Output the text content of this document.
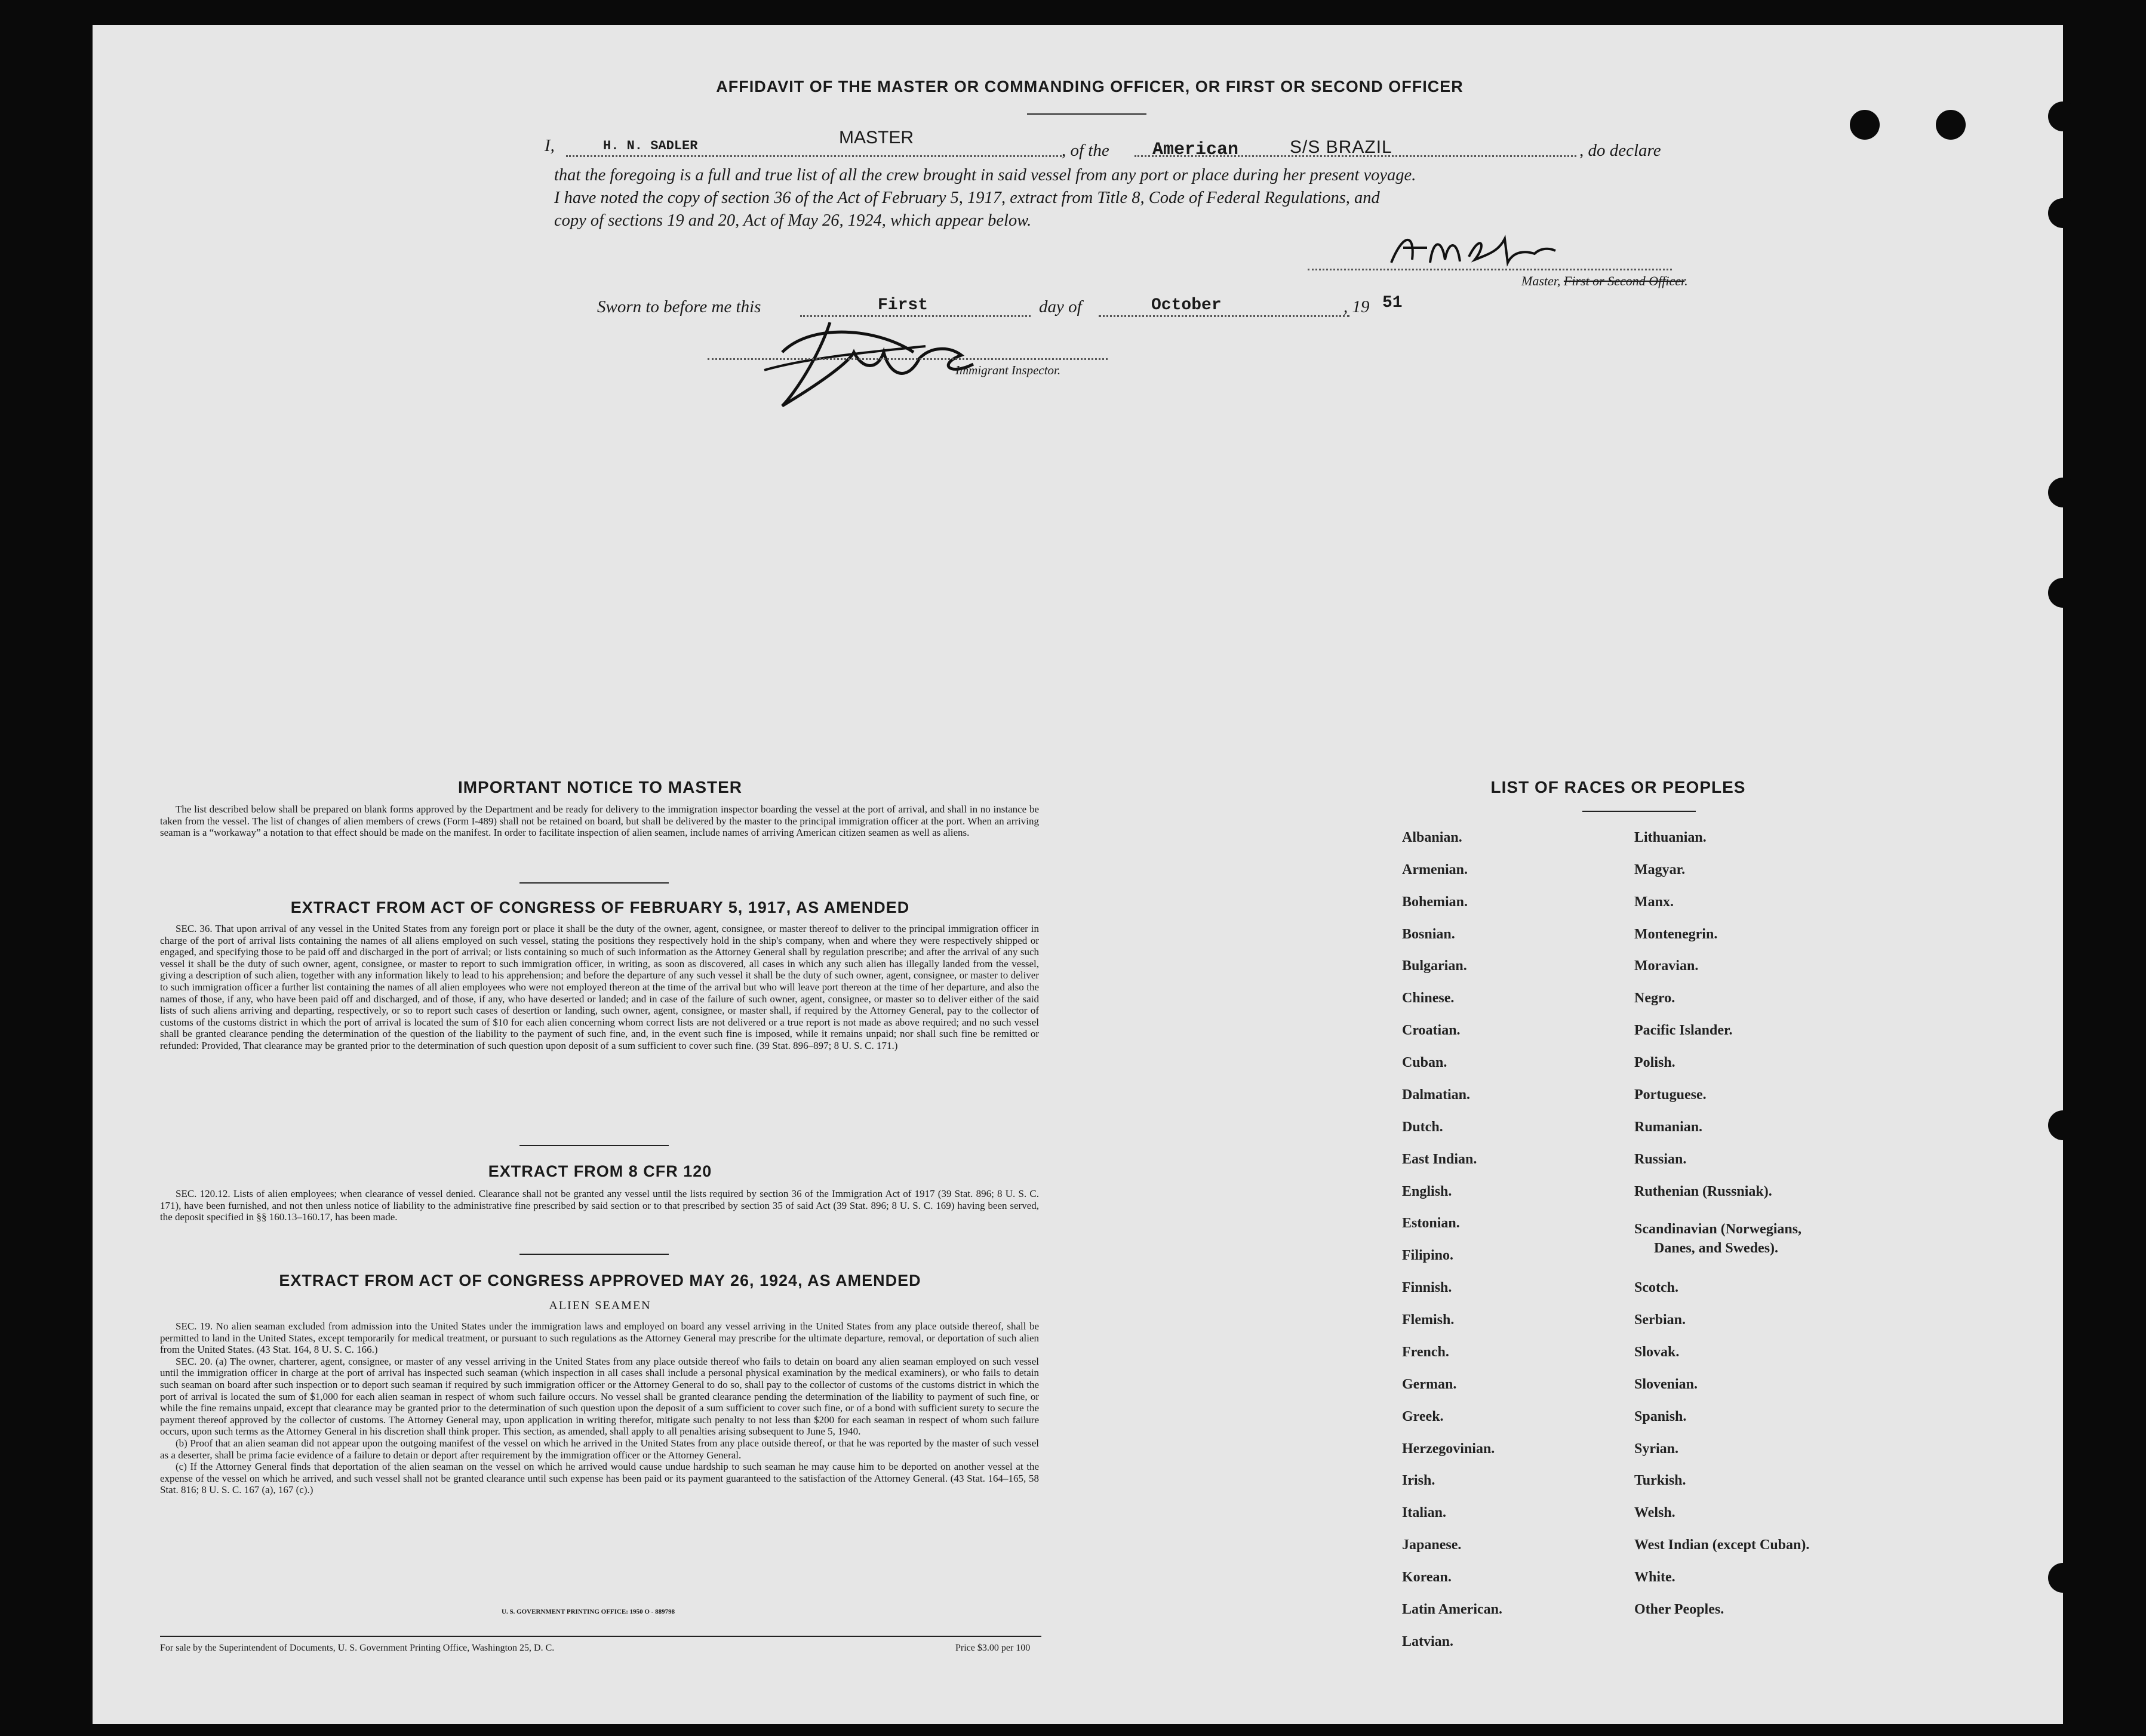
AFFIDAVIT OF THE MASTER OR COMMANDING OFFICER, OR FIRST OR SECOND OFFICER
I,	H. N. SADLER	MASTER
, of the American	S/S BRAZIL	, do declare
that the foregoing is a full and true list of all the crew brought in said vessel from any port or place during her present voyage.
I have noted the copy of section 36 of the Act of February 5, 1917, extract from Title 8, Code of Federal Regulations, and
copy of sections 19 and 20, Act of May 26, 1924, which appear below.
Master, First or Second Officer.
Sworn to before me this	First	day of	October	, 19 51
Immigrant Inspector.
IMPORTANT NOTICE TO MASTER

The list described below shall be prepared on blank forms approved by the Department and be ready for delivery to the immigration inspector boarding the vessel at the port of arrival, and shall in no instance be taken from the vessel. The list of changes of alien members of crews (Form I-489) shall not be retained on board, but shall be delivered by the master to the principal immigration officer at the port. When an arriving seaman is a “workaway” a notation to that effect should be made on the manifest. In order to facilitate inspection of alien seamen, include names of arriving American citizen seamen as well as aliens.

EXTRACT FROM ACT OF CONGRESS OF FEBRUARY 5, 1917, AS AMENDED

SEC. 36. That upon arrival of any vessel in the United States from any foreign port or place it shall be the duty of the owner, agent, consignee, or master thereof to deliver to the principal immigration officer in charge of the port of arrival lists containing the names of all aliens employed on such vessel, stating the positions they respectively hold in the ship's company, when and where they were respectively shipped or engaged, and specifying those to be paid off and discharged in the port of arrival; or lists containing so much of such information as the Attorney General shall by regulation prescribe; and after the arrival of any such vessel it shall be the duty of such owner, agent, consignee, or master to report to such immigration officer, in writing, as soon as discovered, all cases in which any such alien has illegally landed from the vessel, giving a description of such alien, together with any information likely to lead to his apprehension; and before the departure of any such vessel it shall be the duty of such owner, agent, consignee, or master to deliver to such immigration officer a further list containing the names of all alien employees who were not employed thereon at the time of the arrival but who will leave port thereon at the time of her departure, and also the names of those, if any, who have been paid off and discharged, and of those, if any, who have deserted or landed; and in case of the failure of such owner, agent, consignee, or master so to deliver either of the said lists of such aliens arriving and departing, respectively, or so to report such cases of desertion or landing, such owner, agent, consignee, or master shall, if required by the Attorney General, pay to the collector of customs of the customs district in which the port of arrival is located the sum of $10 for each alien concerning whom correct lists are not delivered or a true report is not made as above required; and no such vessel shall be granted clearance pending the determination of the question of the liability to the payment of such fine, and, in the event such fine is imposed, while it remains unpaid; nor shall such fine be remitted or refunded: Provided, That clearance may be granted prior to the determination of such question upon deposit of a sum sufficient to cover such fine. (39 Stat. 896–897; 8 U. S. C. 171.)

EXTRACT FROM 8 CFR 120

SEC. 120.12. Lists of alien employees; when clearance of vessel denied. Clearance shall not be granted any vessel until the lists required by section 36 of the Immigration Act of 1917 (39 Stat. 896; 8 U. S. C. 171), have been furnished, and not then unless notice of liability to the administrative fine prescribed by said section or to that prescribed by section 35 of said Act (39 Stat. 896; 8 U. S. C. 169) having been served, the deposit specified in §§ 160.13–160.17, has been made.

EXTRACT FROM ACT OF CONGRESS APPROVED MAY 26, 1924, AS AMENDED
ALIEN SEAMEN

SEC. 19. No alien seaman excluded from admission into the United States under the immigration laws and employed on board any vessel arriving in the United States from any place outside thereof, shall be permitted to land in the United States, except temporarily for medical treatment, or pursuant to such regulations as the Attorney General may prescribe for the ultimate departure, removal, or deportation of such alien from the United States. (43 Stat. 164, 8 U. S. C. 166.)

SEC. 20. (a) The owner, charterer, agent, consignee, or master of any vessel arriving in the United States from any place outside thereof who fails to detain on board any alien seaman employed on such vessel until the immigration officer in charge at the port of arrival has inspected such seaman (which inspection in all cases shall include a personal physical examination by the medical examiners), or who fails to detain such seaman on board after such inspection or to deport such seaman if required by such immigration officer or the Attorney General to do so, shall pay to the collector of customs of the customs district in which the port of arrival is located the sum of $1,000 for each alien seaman in respect of whom such failure occurs. No vessel shall be granted clearance pending the determination of the liability to payment of such fine, or while the fine remains unpaid, except that clearance may be granted prior to the determination of such question upon the deposit of a sum sufficient to cover such fine, or of a bond with sufficient surety to secure the payment thereof approved by the collector of customs. The Attorney General may, upon application in writing therefor, mitigate such penalty to not less than $200 for each seaman in respect of whom such failure occurs, upon such terms as the Attorney General in his discretion shall think proper. This section, as amended, shall apply to all penalties arising subsequent to June 5, 1940.

(b) Proof that an alien seaman did not appear upon the outgoing manifest of the vessel on which he arrived in the United States from any place outside thereof, or that he was reported by the master of such vessel as a deserter, shall be prima facie evidence of a failure to detain or deport after requirement by the immigration officer or the Attorney General.

(c) If the Attorney General finds that deportation of the alien seaman on the vessel on which he arrived would cause undue hardship to such seaman he may cause him to be deported on another vessel at the expense of the vessel on which he arrived, and such vessel shall not be granted clearance until such expense has been paid or its payment guaranteed to the satisfaction of the Attorney General. (43 Stat. 164–165, 58 Stat. 816; 8 U. S. C. 167 (a), 167 (c).)

U. S. GOVERNMENT PRINTING OFFICE: 1950 O - 889798
For sale by the Superintendent of Documents, U. S. Government Printing Office, Washington 25, D. C.	Price $3.00 per 100
LIST OF RACES OR PEOPLES
Albanian.
Armenian.
Bohemian.
Bosnian.
Bulgarian.
Chinese.
Croatian.
Cuban.
Dalmatian.
Dutch.
East Indian.
English.
Estonian.
Filipino.
Finnish.
Flemish.
French.
German.
Greek.
Herzegovinian.
Irish.
Italian.
Japanese.
Korean.
Latin American.
Latvian.
Lithuanian.
Magyar.
Manx.
Montenegrin.
Moravian.
Negro.
Pacific Islander.
Polish.
Portuguese.
Rumanian.
Russian.
Ruthenian (Russniak).
Scandinavian (Norwegians,
Danes, and Swedes).
Scotch.
Serbian.
Slovak.
Slovenian.
Spanish.
Syrian.
Turkish.
Welsh.
West Indian (except Cuban).
White.
Other Peoples.
